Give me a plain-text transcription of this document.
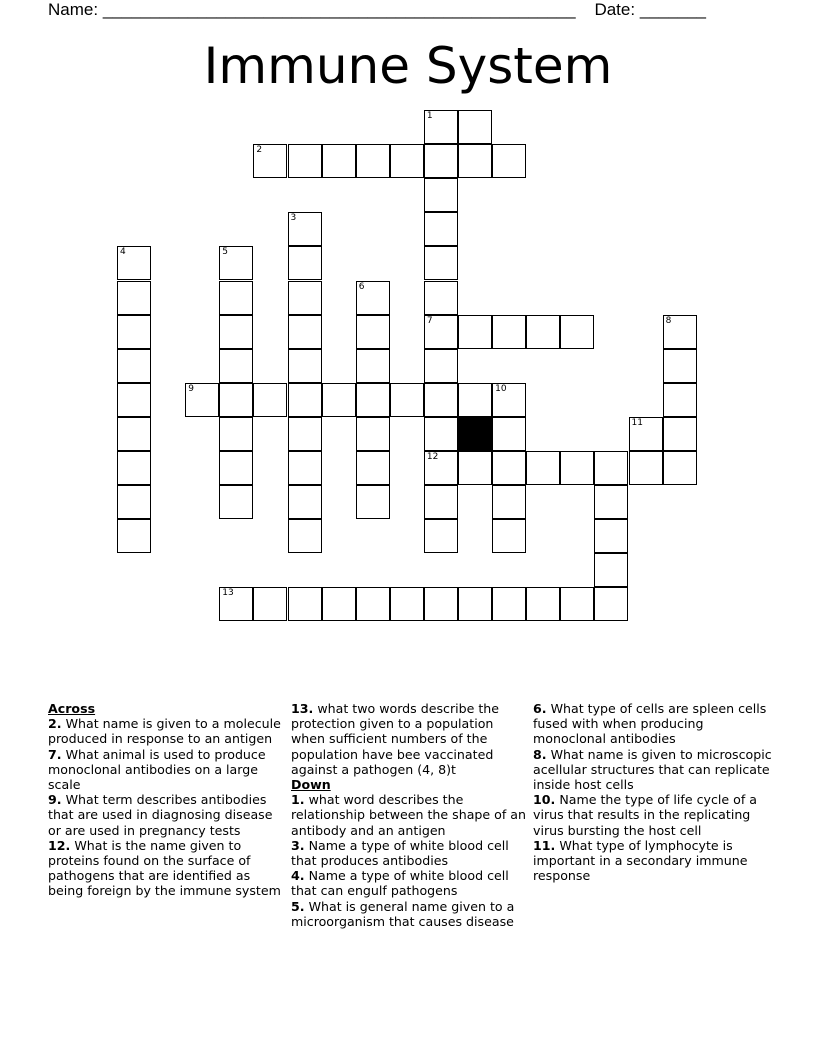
Name: __________________________________________________ Date: _______
Immune System
1
2
3
4	5
6
7	8
9	10
11
12
13
Across
2. What name is given to a molecule produced in response to an antigen
7. What animal is used to produce monoclonal antibodies on a large scale
9. What term describes antibodies that are used in diagnosing disease or are used in pregnancy tests
12. What is the name given to proteins found on the surface of pathogens that are identified as being foreign by the immune system
13. what two words describe the protection given to a population when sufficient numbers of the population have bee vaccinated against a pathogen (4, 8)t
Down
1. what word describes the relationship between the shape of an antibody and an antigen
3. Name a type of white blood cell that produces antibodies
4. Name a type of white blood cell that can engulf pathogens
5. What is general name given to a microorganism that causes disease
6. What type of cells are spleen cells fused with when producing monoclonal antibodies
8. What name is given to microscopic acellular structures that can replicate inside host cells
10. Name the type of life cycle of a virus that results in the replicating virus bursting the host cell
11. What type of lymphocyte is important in a secondary immune response
